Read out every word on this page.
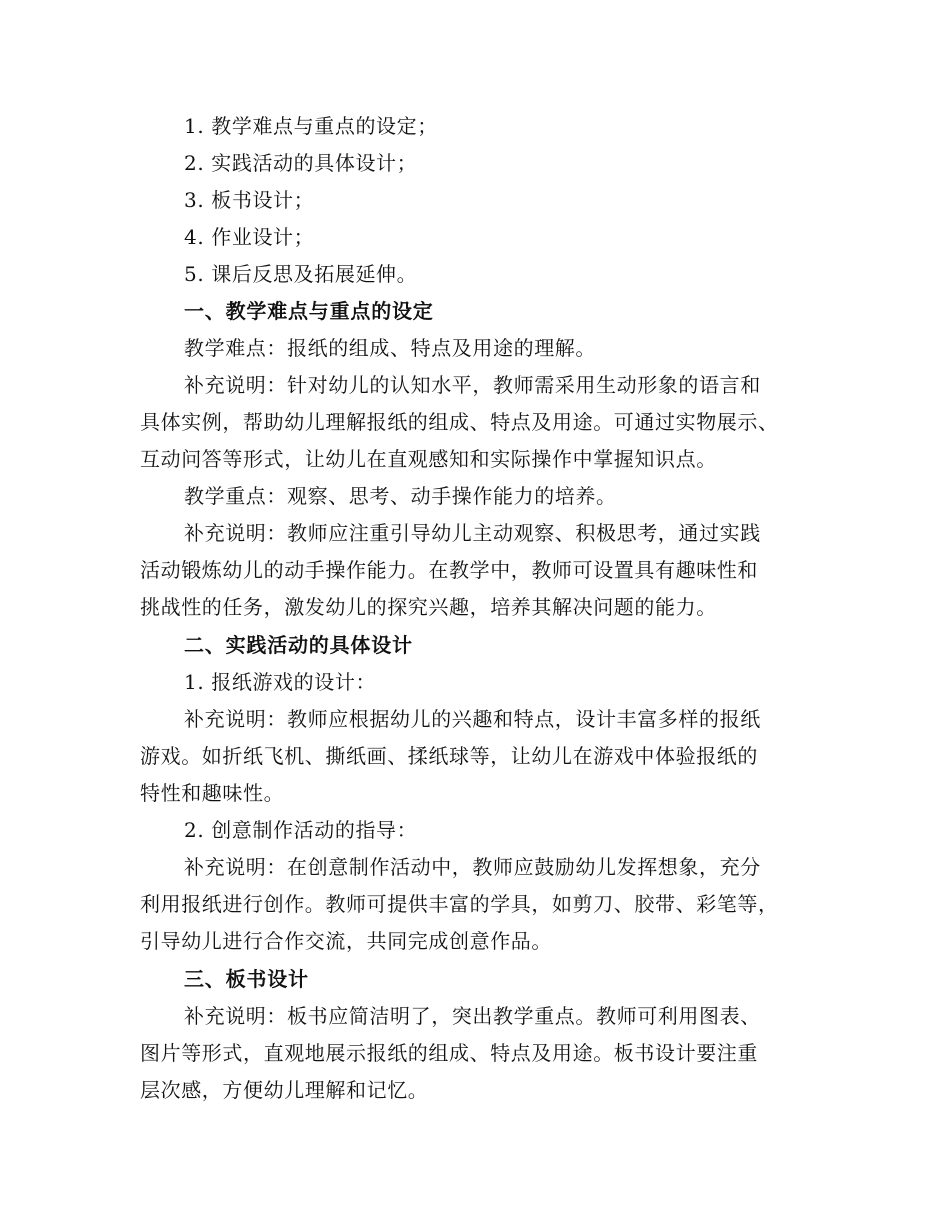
1. 教学难点与重点的设定；
2. 实践活动的具体设计；
3. 板书设计；
4. 作业设计；
5. 课后反思及拓展延伸。
一、教学难点与重点的设定
教学难点：报纸的组成、特点及用途的理解。
补充说明：针对幼儿的认知水平，教师需采用生动形象的语言和
具体实例，帮助幼儿理解报纸的组成、特点及用途。可通过实物展示、
互动问答等形式，让幼儿在直观感知和实际操作中掌握知识点。
教学重点：观察、思考、动手操作能力的培养。
补充说明：教师应注重引导幼儿主动观察、积极思考，通过实践
活动锻炼幼儿的动手操作能力。在教学中，教师可设置具有趣味性和
挑战性的任务，激发幼儿的探究兴趣，培养其解决问题的能力。
二、实践活动的具体设计
1. 报纸游戏的设计：
补充说明：教师应根据幼儿的兴趣和特点，设计丰富多样的报纸
游戏。如折纸飞机、撕纸画、揉纸球等，让幼儿在游戏中体验报纸的
特性和趣味性。
2. 创意制作活动的指导：
补充说明：在创意制作活动中，教师应鼓励幼儿发挥想象，充分
利用报纸进行创作。教师可提供丰富的学具，如剪刀、胶带、彩笔等，
引导幼儿进行合作交流，共同完成创意作品。
三、板书设计
补充说明：板书应简洁明了，突出教学重点。教师可利用图表、
图片等形式，直观地展示报纸的组成、特点及用途。板书设计要注重
层次感，方便幼儿理解和记忆。
